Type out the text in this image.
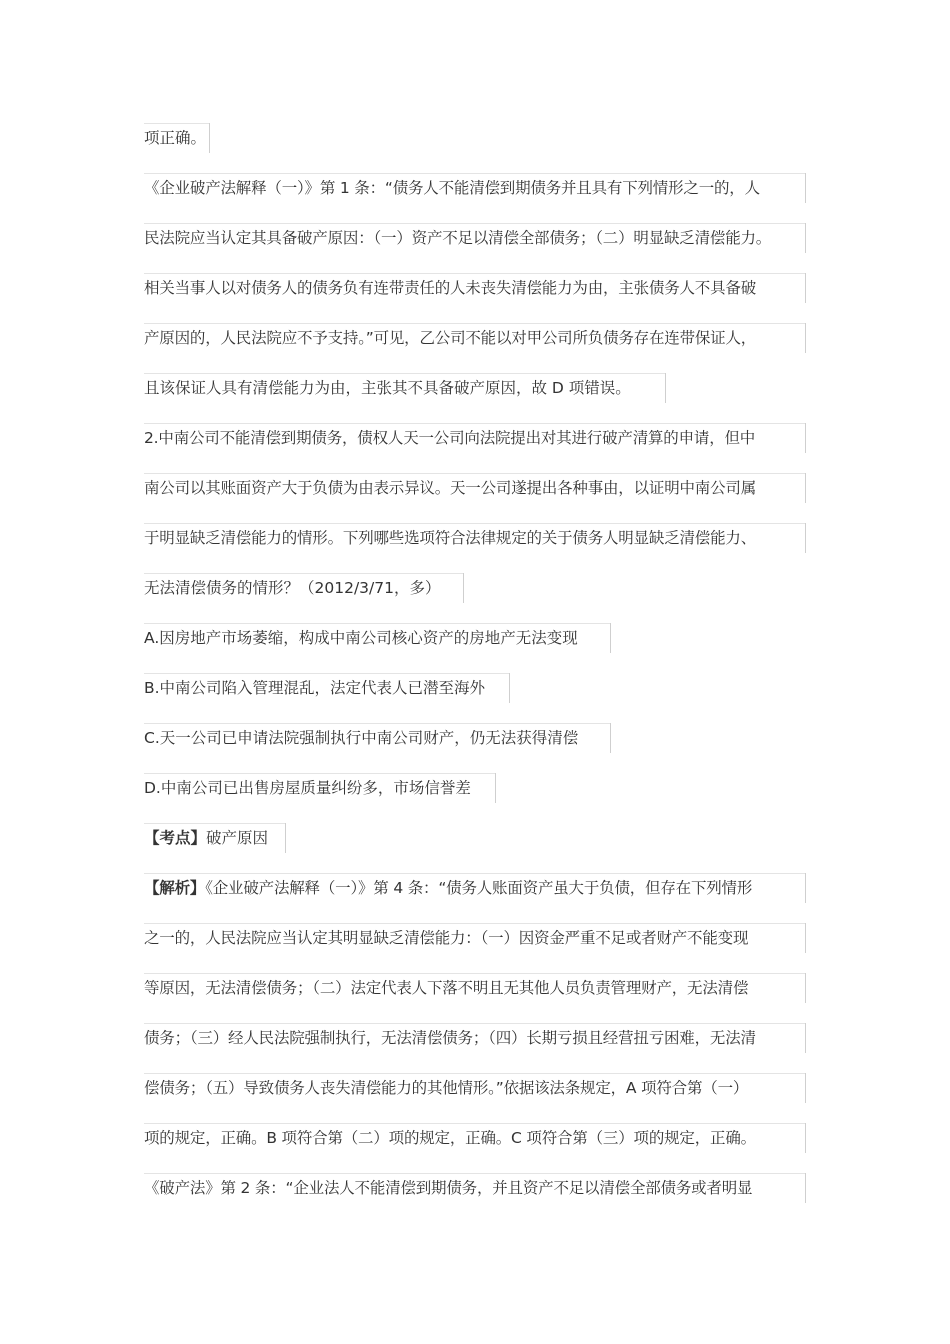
项正确。
《企业破产法解释（一）》第 1 条：“债务人不能清偿到期债务并且具有下列情形之一的，人
民法院应当认定其具备破产原因：（一）资产不足以清偿全部债务；（二）明显缺乏清偿能力。
相关当事人以对债务人的债务负有连带责任的人未丧失清偿能力为由，主张债务人不具备破
产原因的，人民法院应不予支持。”可见，乙公司不能以对甲公司所负债务存在连带保证人，
且该保证人具有清偿能力为由，主张其不具备破产原因，故 D 项错误。
2.中南公司不能清偿到期债务，债权人天一公司向法院提出对其进行破产清算的申请，但中
南公司以其账面资产大于负债为由表示异议。天一公司遂提出各种事由，以证明中南公司属
于明显缺乏清偿能力的情形。下列哪些选项符合法律规定的关于债务人明显缺乏清偿能力、
无法清偿债务的情形？（2012/3/71，多）
A.因房地产市场萎缩，构成中南公司核心资产的房地产无法变现
B.中南公司陷入管理混乱，法定代表人已潜至海外
C.天一公司已申请法院强制执行中南公司财产，仍无法获得清偿
D.中南公司已出售房屋质量纠纷多，市场信誉差
【考点】破产原因
【解析】《企业破产法解释（一）》第 4 条：“债务人账面资产虽大于负债，但存在下列情形
之一的，人民法院应当认定其明显缺乏清偿能力：（一）因资金严重不足或者财产不能变现
等原因，无法清偿债务；（二）法定代表人下落不明且无其他人员负责管理财产，无法清偿
债务；（三）经人民法院强制执行，无法清偿债务；（四）长期亏损且经营扭亏困难，无法清
偿债务；（五）导致债务人丧失清偿能力的其他情形。”依据该法条规定，A 项符合第（一）
项的规定，正确。B 项符合第（二）项的规定，正确。C 项符合第（三）项的规定，正确。
《破产法》第 2 条：“企业法人不能清偿到期债务，并且资产不足以清偿全部债务或者明显
